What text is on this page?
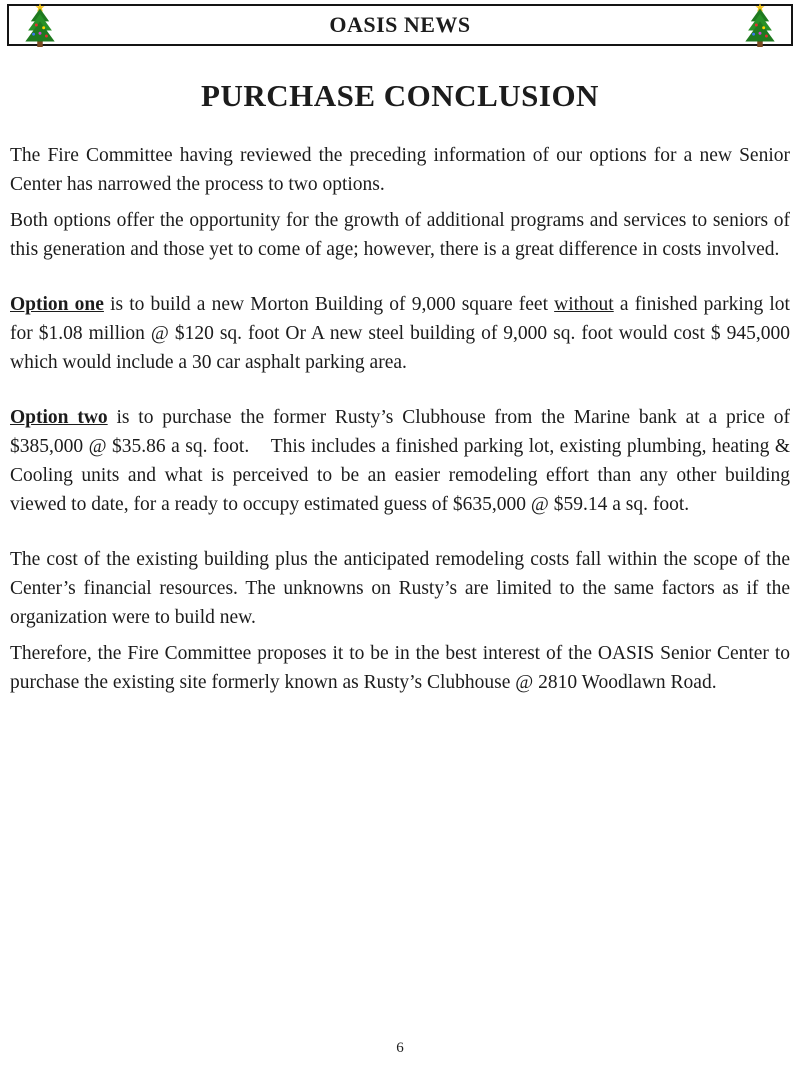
OASIS NEWS
PURCHASE CONCLUSION

The Fire Committee having reviewed the preceding information of our options for a new Senior Center has narrowed the process to two options.

Both options offer the opportunity for the growth of additional programs and services to seniors of this generation and those yet to come of age; however, there is a great difference in costs involved.

Option one is to build a new Morton Building of 9,000 square feet without a finished parking lot for $1.08 million @ $120 sq. foot Or A new steel building of 9,000 sq. foot would cost $ 945,000 which would include a 30 car asphalt parking area.

Option two is to purchase the former Rusty’s Clubhouse from the Marine bank at a price of $385,000 @ $35.86 a sq. foot.    This includes a finished parking lot, existing plumbing, heating & Cooling units and what is perceived to be an easier remodeling effort than any other building viewed to date, for a ready to occupy estimated guess of $635,000 @ $59.14 a sq. foot.

The cost of the existing building plus the anticipated remodeling costs fall within the scope of the Center’s financial resources. The unknowns on Rusty’s are limited to the same factors as if the organization were to build new.

Therefore, the Fire Committee proposes it to be in the best interest of the OASIS Senior Center to purchase the existing site formerly known as Rusty’s Clubhouse @ 2810 Woodlawn Road.

6
